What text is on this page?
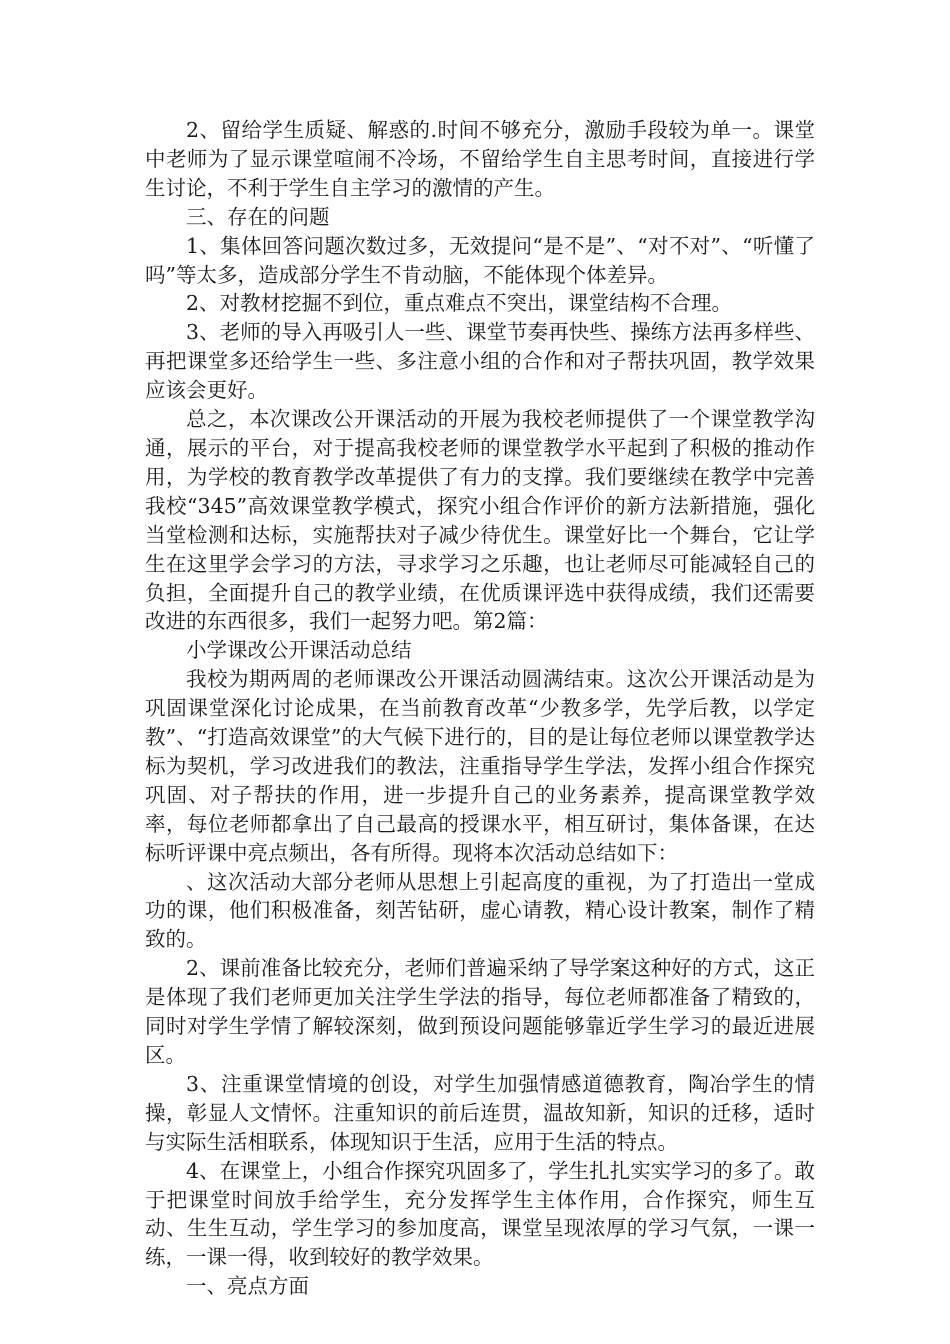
2、留给学生质疑、解惑的.时间不够充分，激励手段较为单一。课堂中老师为了显示课堂喧闹不冷场，不留给学生自主思考时间，直接进行学生讨论，不利于学生自主学习的激情的产生。

三、存在的问题

1、集体回答问题次数过多，无效提问“是不是”、“对不对”、“听懂了吗”等太多，造成部分学生不肯动脑，不能体现个体差异。

2、对教材挖掘不到位，重点难点不突出，课堂结构不合理。

3、老师的导入再吸引人一些、课堂节奏再快些、操练方法再多样些、再把课堂多还给学生一些、多注意小组的合作和对子帮扶巩固，教学效果应该会更好。

总之，本次课改公开课活动的开展为我校老师提供了一个课堂教学沟通，展示的平台，对于提高我校老师的课堂教学水平起到了积极的推动作用，为学校的教育教学改革提供了有力的支撑。我们要继续在教学中完善我校“345”高效课堂教学模式，探究小组合作评价的新方法新措施，强化当堂检测和达标，实施帮扶对子减少待优生。课堂好比一个舞台，它让学生在这里学会学习的方法，寻求学习之乐趣，也让老师尽可能减轻自己的负担，全面提升自己的教学业绩，在优质课评选中获得成绩，我们还需要改进的东西很多，我们一起努力吧。第2篇：

小学课改公开课活动总结

我校为期两周的老师课改公开课活动圆满结束。这次公开课活动是为巩固课堂深化讨论成果，在当前教育改革“少教多学，先学后教，以学定教”、“打造高效课堂”的大气候下进行的，目的是让每位老师以课堂教学达标为契机，学习改进我们的教法，注重指导学生学法，发挥小组合作探究巩固、对子帮扶的作用，进一步提升自己的业务素养，提高课堂教学效率，每位老师都拿出了自己最高的授课水平，相互研讨，集体备课，在达标听评课中亮点频出，各有所得。现将本次活动总结如下：

、这次活动大部分老师从思想上引起高度的重视，为了打造出一堂成功的课，他们积极准备，刻苦钻研，虚心请教，精心设计教案，制作了精致的。

2、课前准备比较充分，老师们普遍采纳了导学案这种好的方式，这正是体现了我们老师更加关注学生学法的指导，每位老师都准备了精致的，同时对学生学情了解较深刻，做到预设问题能够靠近学生学习的最近进展区。

3、注重课堂情境的创设，对学生加强情感道德教育，陶冶学生的情操，彰显人文情怀。注重知识的前后连贯，温故知新，知识的迁移，适时与实际生活相联系，体现知识于生活，应用于生活的特点。

4、在课堂上，小组合作探究巩固多了，学生扎扎实实学习的多了。敢于把课堂时间放手给学生，充分发挥学生主体作用，合作探究，师生互动、生生互动，学生学习的参加度高，课堂呈现浓厚的学习气氛，一课一练，一课一得，收到较好的教学效果。

一、亮点方面
